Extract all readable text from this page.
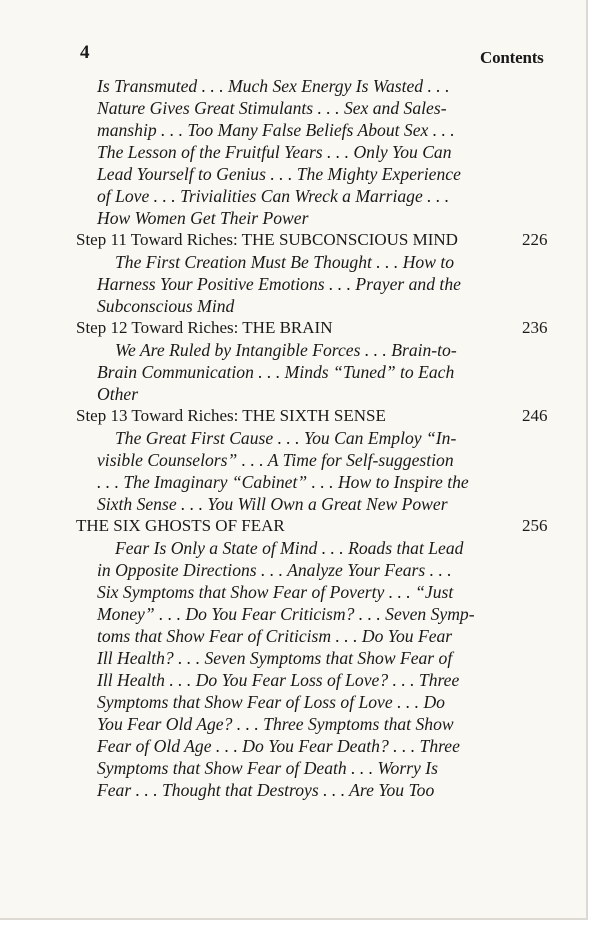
4	Contents
Is Transmuted . . . Much Sex Energy Is Wasted . . .
Nature Gives Great Stimulants . . . Sex and Sales-
manship . . . Too Many False Beliefs About Sex . . .
The Lesson of the Fruitful Years . . . Only You Can
Lead Yourself to Genius . . . The Mighty Experience
of Love . . . Trivialities Can Wreck a Marriage . . .
How Women Get Their Power
Step 11 Toward Riches: THE SUBCONSCIOUS MIND	226
The First Creation Must Be Thought . . . How to
Harness Your Positive Emotions . . . Prayer and the
Subconscious Mind
Step 12 Toward Riches: THE BRAIN	236
We Are Ruled by Intangible Forces . . . Brain-to-
Brain Communication . . . Minds “Tuned” to Each
Other
Step 13 Toward Riches: THE SIXTH SENSE	246
The Great First Cause . . . You Can Employ “In-
visible Counselors” . . . A Time for Self-suggestion
. . . The Imaginary “Cabinet” . . . How to Inspire the
Sixth Sense . . . You Will Own a Great New Power
THE SIX GHOSTS OF FEAR	256
Fear Is Only a State of Mind . . . Roads that Lead
in Opposite Directions . . . Analyze Your Fears . . .
Six Symptoms that Show Fear of Poverty . . . “Just
Money” . . . Do You Fear Criticism? . . . Seven Symp-
toms that Show Fear of Criticism . . . Do You Fear
Ill Health? . . . Seven Symptoms that Show Fear of
Ill Health . . . Do You Fear Loss of Love? . . . Three
Symptoms that Show Fear of Loss of Love . . . Do
You Fear Old Age? . . . Three Symptoms that Show
Fear of Old Age . . . Do You Fear Death? . . . Three
Symptoms that Show Fear of Death . . . Worry Is
Fear . . . Thought that Destroys . . . Are You Too
